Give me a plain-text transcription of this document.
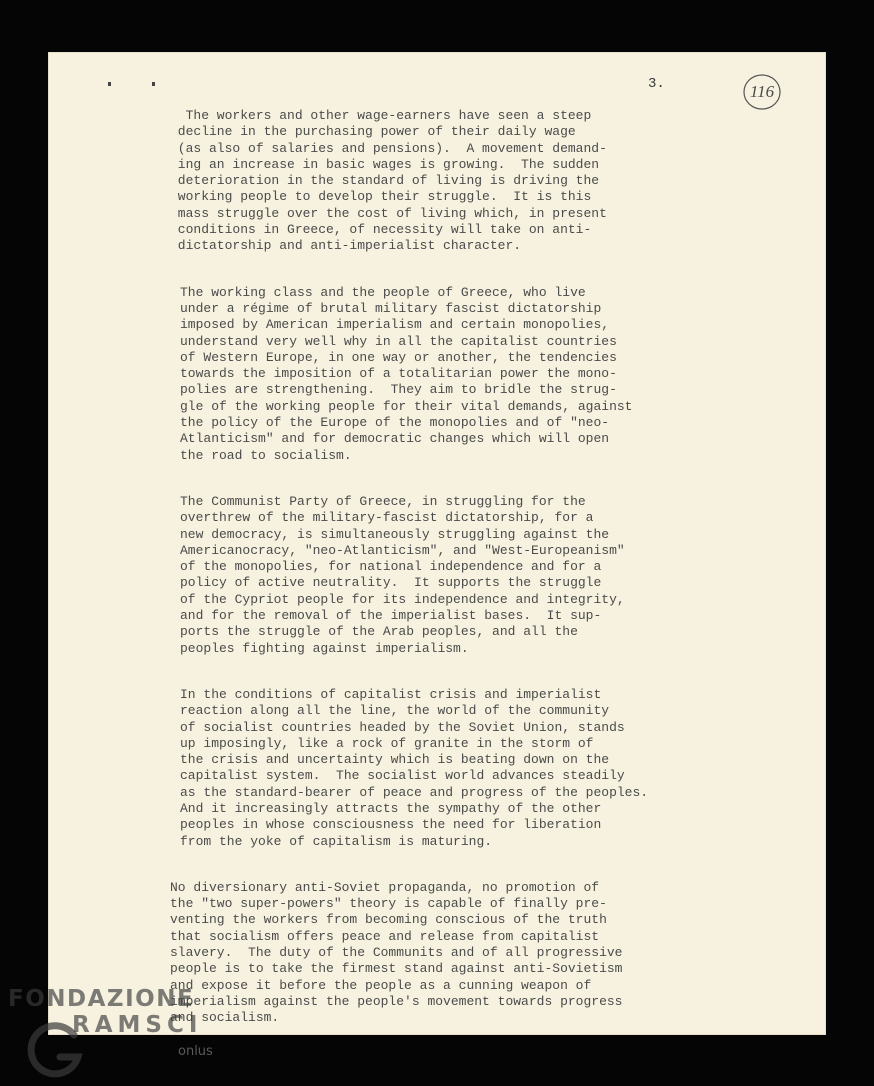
3.	116
The workers and other wage-earners have seen a steep
decline in the purchasing power of their daily wage
(as also of salaries and pensions).  A movement demand-
ing an increase in basic wages is growing.  The sudden
deterioration in the standard of living is driving the
working people to develop their struggle.  It is this
mass struggle over the cost of living which, in present
conditions in Greece, of necessity will take on anti-
dictatorship and anti-imperialist character.
The working class and the people of Greece, who live
under a régime of brutal military fascist dictatorship
imposed by American imperialism and certain monopolies,
understand very well why in all the capitalist countries
of Western Europe, in one way or another, the tendencies
towards the imposition of a totalitarian power the mono-
polies are strengthening.  They aim to bridle the strug-
gle of the working people for their vital demands, against
the policy of the Europe of the monopolies and of "neo-
Atlanticism" and for democratic changes which will open
the road to socialism.
The Communist Party of Greece, in struggling for the
overthrew of the military-fascist dictatorship, for a
new democracy, is simultaneously struggling against the
Americanocracy, "neo-Atlanticism", and "West-Europeanism"
of the monopolies, for national independence and for a
policy of active neutrality.  It supports the struggle
of the Cypriot people for its independence and integrity,
and for the removal of the imperialist bases.  It sup-
ports the struggle of the Arab peoples, and all the
peoples fighting against imperialism.
In the conditions of capitalist crisis and imperialist
reaction along all the line, the world of the community
of socialist countries headed by the Soviet Union, stands
up imposingly, like a rock of granite in the storm of
the crisis and uncertainty which is beating down on the
capitalist system.  The socialist world advances steadily
as the standard-bearer of peace and progress of the peoples.
And it increasingly attracts the sympathy of the other
peoples in whose consciousness the need for liberation
from the yoke of capitalism is maturing.
No diversionary anti-Soviet propaganda, no promotion of
the "two super-powers" theory is capable of finally pre-
venting the workers from becoming conscious of the truth
that socialism offers peace and release from capitalist
slavery.  The duty of the Communits and of all progressive
people is to take the firmest stand against anti-Sovietism
and expose it before the people as a cunning weapon of
imperialism against the people's movement towards progress
and socialism.
FONDAZIONE
RAMSCI
onlus
